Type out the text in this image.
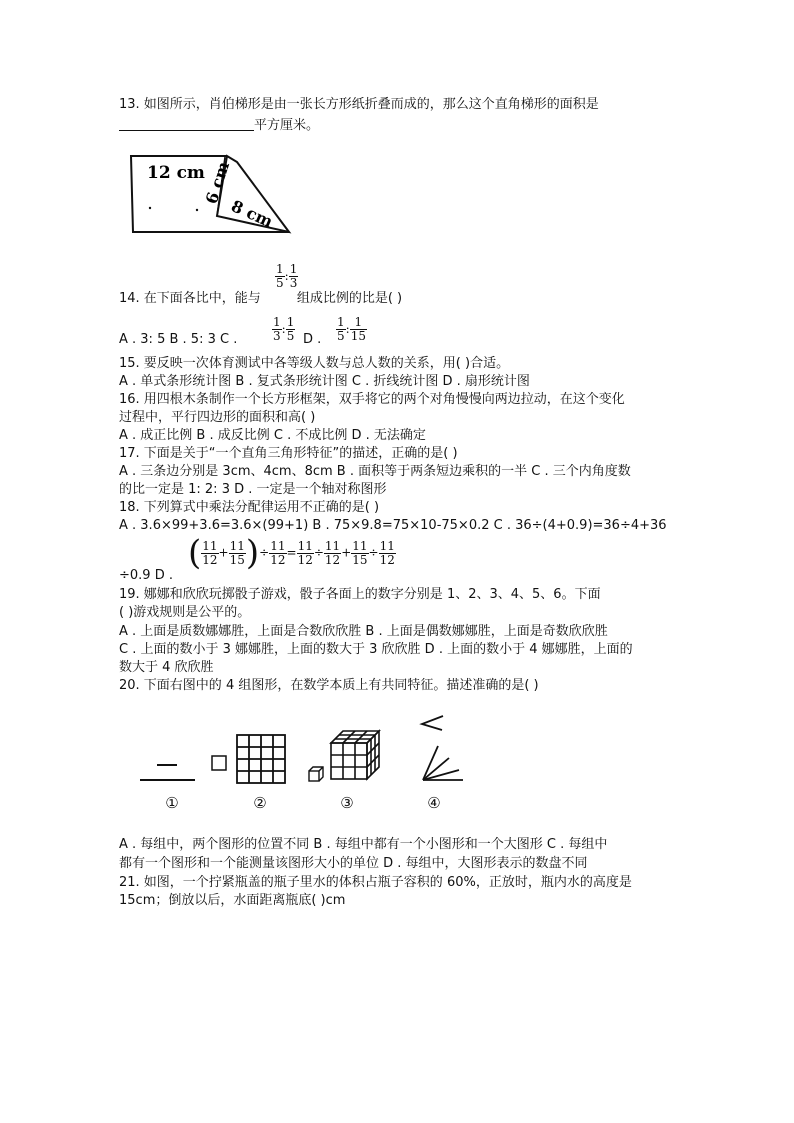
13. 如图所示，肖伯梯形是由一张长方形纸折叠而成的，那么这个直角梯形的面积是
平方厘米。
12 cm
6 cm
8 cm
$\frac{1}{5}$ : $\frac{1}{3}$
14. 在下面各比中，能与	组成比例的比是( )
A . 3: 5 B . 5: 3 C .	$\frac{1}{3}$ : $\frac{1}{5}$ D . $\frac{1}{5}$ : $\frac{1}{15}$
15. 要反映一次体育测试中各等级人数与总人数的关系，用( )合适。
A . 单式条形统计图 B . 复式条形统计图 C . 折线统计图 D . 扇形统计图
16. 用四根木条制作一个长方形框架，双手将它的两个对角慢慢向两边拉动，在这个变化
过程中，平行四边形的面积和高( )
A . 成正比例 B . 成反比例 C . 不成比例 D . 无法确定
17. 下面是关于“一个直角三角形特征”的描述，正确的是( )
A . 三条边分别是 3cm、4cm、8cm B . 面积等于两条短边乘积的一半 C . 三个内角度数
的比一定是 1: 2: 3 D . 一定是一个轴对称图形
18. 下列算式中乘法分配律运用不正确的是( )
A . 3.6×99+3.6=3.6×(99+1) B . 75×9.8=75×10-75×0.2 C . 36÷(4+0.9)=36÷4+36
( $\frac{11}{12} + \frac{11}{15}$ )÷ $\frac{11}{12} = \frac{11}{12} \div \frac{11}{12} + \frac{11}{15} \div \frac{11}{12}$
÷0.9 D .
19. 娜娜和欣欣玩掷骰子游戏，骰子各面上的数字分别是 1、2、3、4、5、6。下面
( )游戏规则是公平的。
A . 上面是质数娜娜胜，上面是合数欣欣胜 B . 上面是偶数娜娜胜，上面是奇数欣欣胜
C . 上面的数小于 3 娜娜胜，上面的数大于 3 欣欣胜 D . 上面的数小于 4 娜娜胜，上面的
数大于 4 欣欣胜
20. 下面右图中的 4 组图形，在数学本质上有共同特征。描述准确的是( )
①	②	③	④
A . 每组中，两个图形的位置不同 B . 每组中都有一个小图形和一个大图形 C . 每组中
都有一个图形和一个能测量该图形大小的单位 D . 每组中，大图形表示的数盘不同
21. 如图，一个拧紧瓶盖的瓶子里水的体积占瓶子容积的 60%，正放时，瓶内水的高度是
15cm；倒放以后，水面距离瓶底( )cm
